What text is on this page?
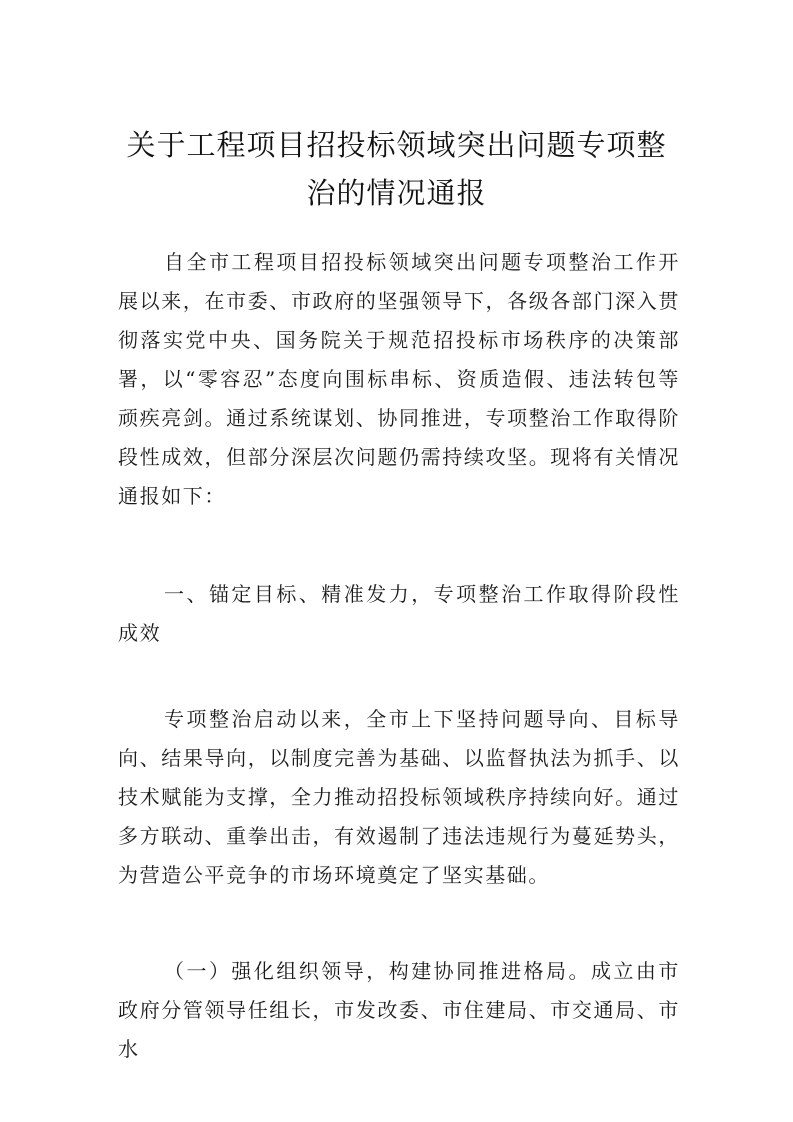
关于工程项目招投标领域突出问题专项整
治的情况通报
自全市工程项目招投标领域突出问题专项整治工作开展以来，在市委、市政府的坚强领导下，各级各部门深入贯彻落实党中央、国务院关于规范招投标市场秩序的决策部署，以“零容忍”态度向围标串标、资质造假、违法转包等顽疾亮剑。通过系统谋划、协同推进，专项整治工作取得阶段性成效，但部分深层次问题仍需持续攻坚。现将有关情况通报如下：
一、锚定目标、精准发力，专项整治工作取得阶段性成效
专项整治启动以来，全市上下坚持问题导向、目标导向、结果导向，以制度完善为基础、以监督执法为抓手、以技术赋能为支撑，全力推动招投标领域秩序持续向好。通过多方联动、重拳出击，有效遏制了违法违规行为蔓延势头，为营造公平竞争的市场环境奠定了坚实基础。
（一）强化组织领导，构建协同推进格局。成立由市政府分管领导任组长，市发改委、市住建局、市交通局、市水
